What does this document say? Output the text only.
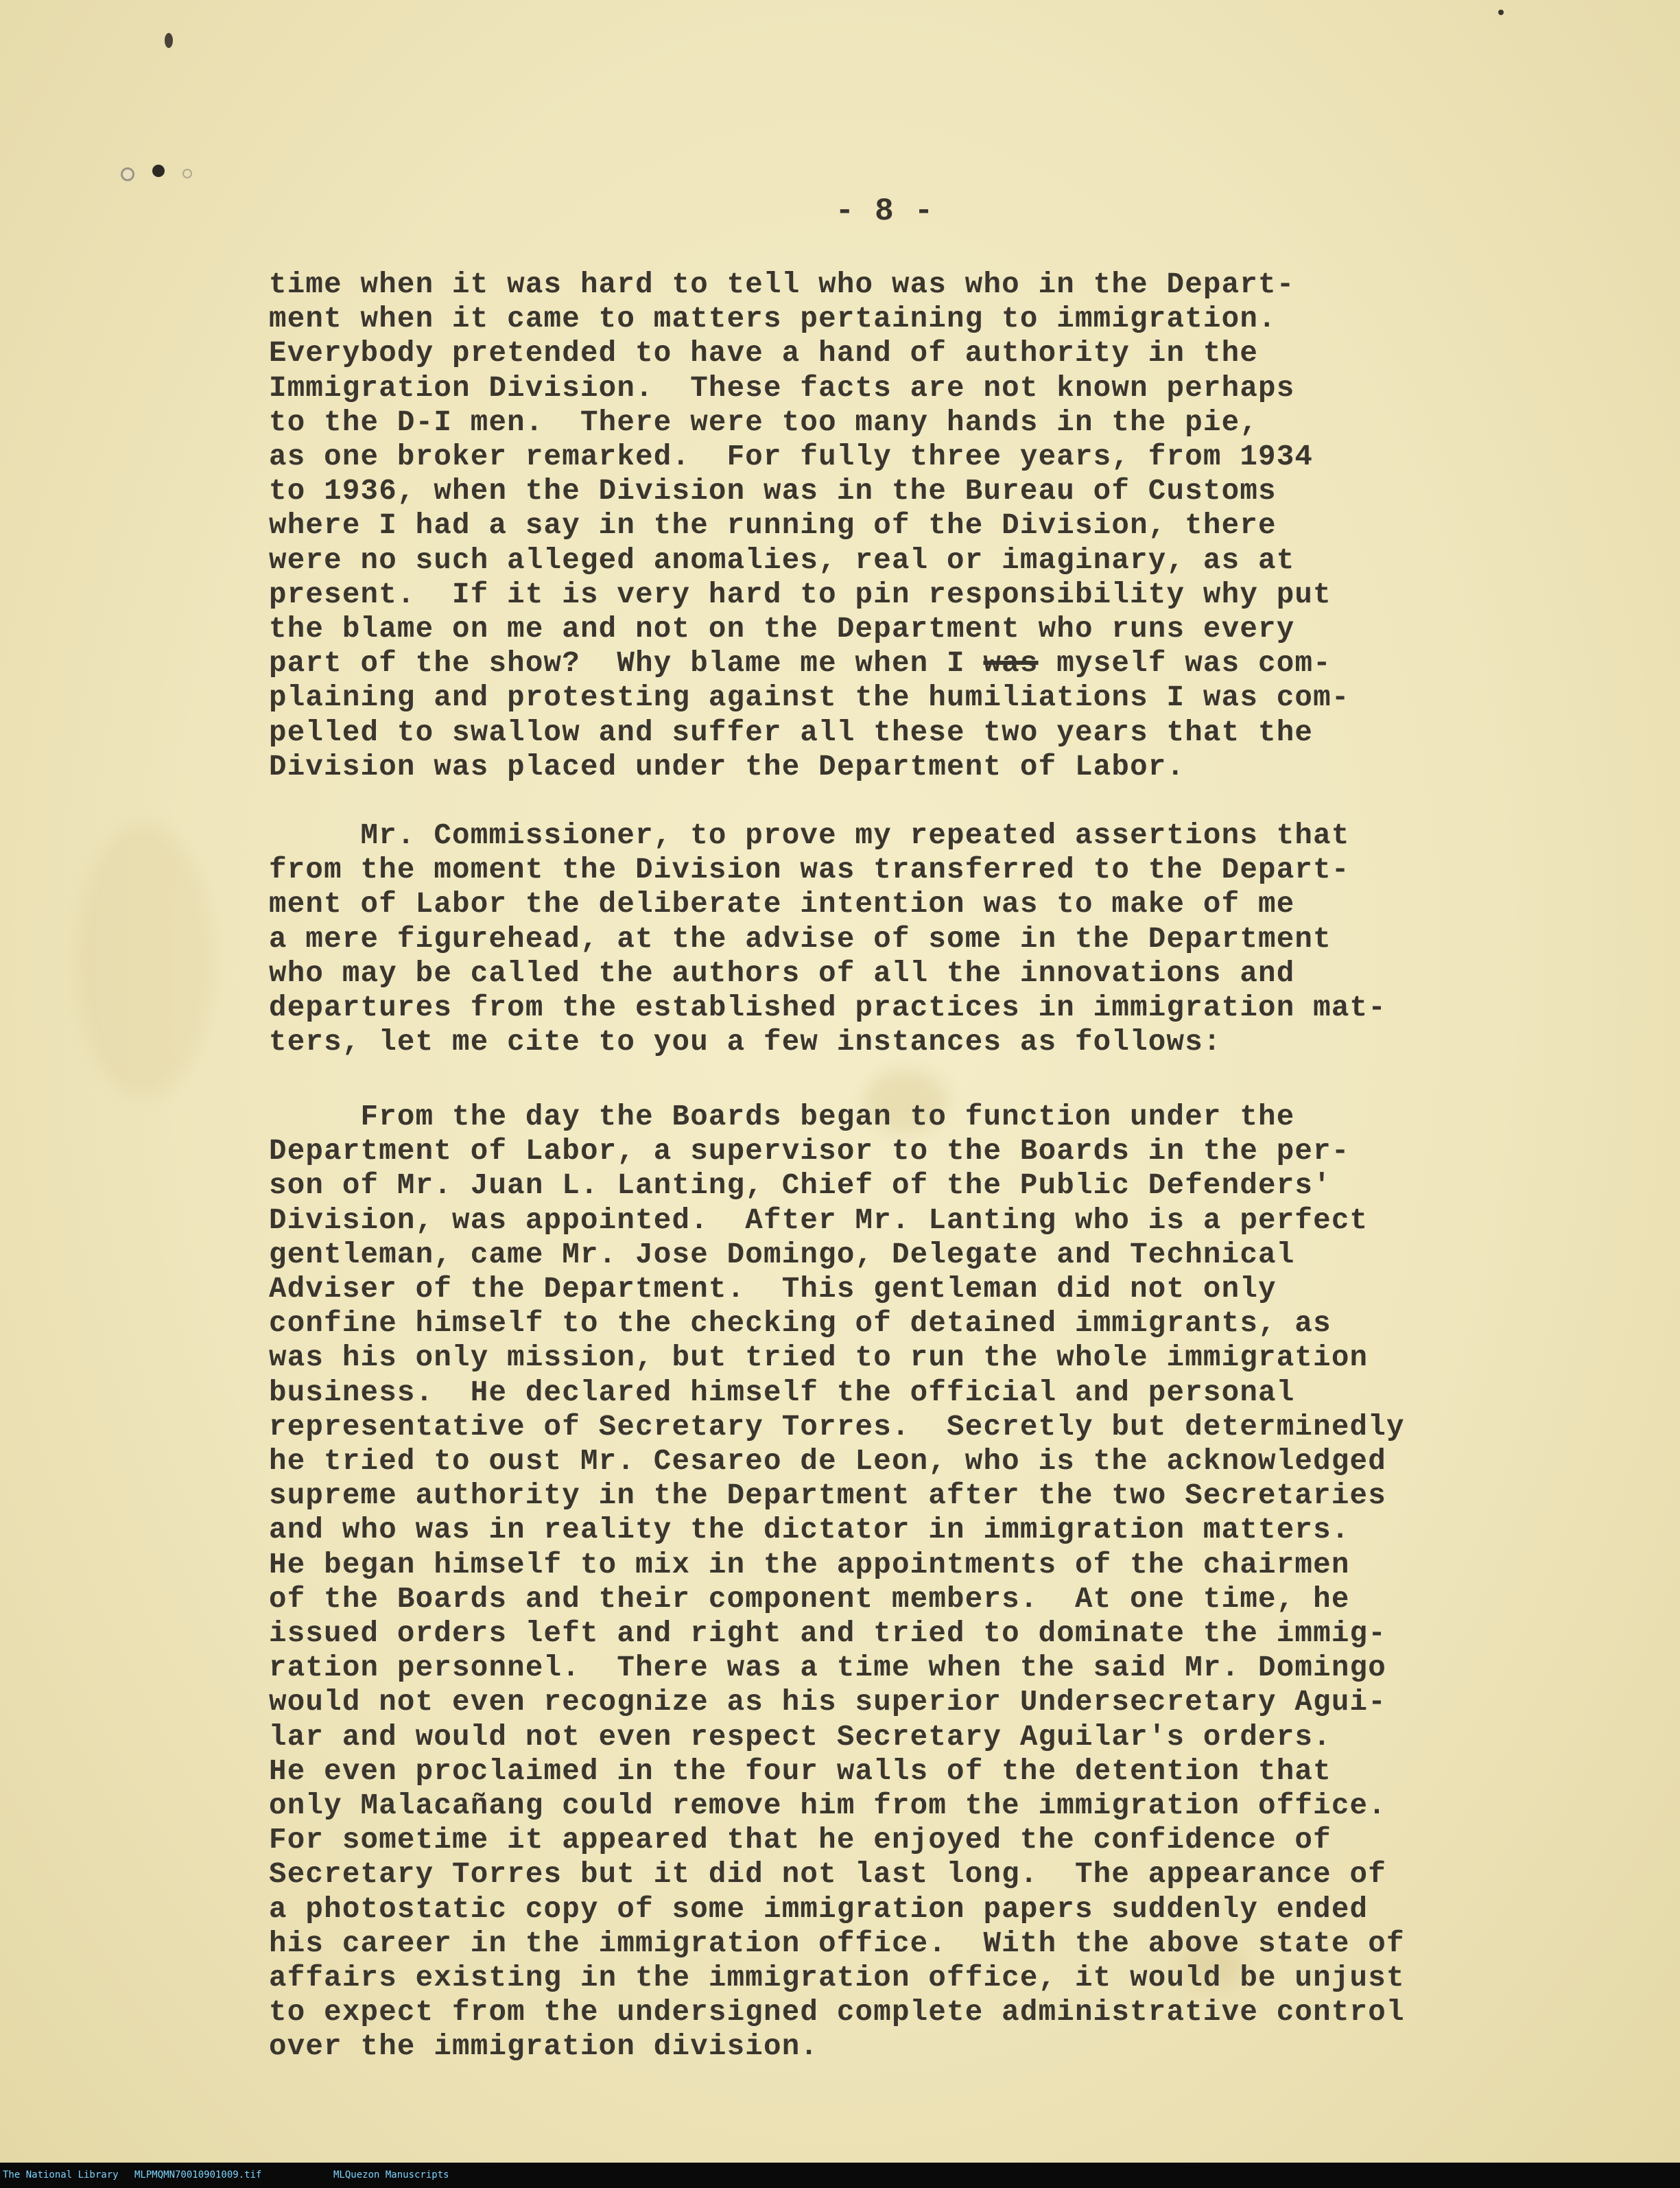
- 8 -

time when it was hard to tell who was who in the Depart-
ment when it came to matters pertaining to immigration.
Everybody pretended to have a hand of authority in the
Immigration Division.  These facts are not known perhaps
to the D-I men.  There were too many hands in the pie,
as one broker remarked.  For fully three years, from 1934
to 1936, when the Division was in the Bureau of Customs
where I had a say in the running of the Division, there
were no such alleged anomalies, real or imaginary, as at
present.  If it is very hard to pin responsibility why put
the blame on me and not on the Department who runs every
part of the show?  Why blame me when I was myself was com-
plaining and protesting against the humiliations I was com-
pelled to swallow and suffer all these two years that the
Division was placed under the Department of Labor.

Mr. Commissioner, to prove my repeated assertions that
from the moment the Division was transferred to the Depart-
ment of Labor the deliberate intention was to make of me
a mere figurehead, at the advise of some in the Department
who may be called the authors of all the innovations and
departures from the established practices in immigration mat-
ters, let me cite to you a few instances as follows:

From the day the Boards began to function under the
Department of Labor, a supervisor to the Boards in the per-
son of Mr. Juan L. Lanting, Chief of the Public Defenders'
Division, was appointed.  After Mr. Lanting who is a perfect
gentleman, came Mr. Jose Domingo, Delegate and Technical
Adviser of the Department.  This gentleman did not only
confine himself to the checking of detained immigrants, as
was his only mission, but tried to run the whole immigration
business.  He declared himself the official and personal
representative of Secretary Torres.  Secretly but determinedly
he tried to oust Mr. Cesareo de Leon, who is the acknowledged
supreme authority in the Department after the two Secretaries
and who was in reality the dictator in immigration matters.
He began himself to mix in the appointments of the chairmen
of the Boards and their component members.  At one time, he
issued orders left and right and tried to dominate the immig-
ration personnel.  There was a time when the said Mr. Domingo
would not even recognize as his superior Undersecretary Agui-
lar and would not even respect Secretary Aguilar's orders.
He even proclaimed in the four walls of the detention that
only Malacañang could remove him from the immigration office.
For sometime it appeared that he enjoyed the confidence of
Secretary Torres but it did not last long.  The appearance of
a photostatic copy of some immigration papers suddenly ended
his career in the immigration office.  With the above state of
affairs existing in the immigration office, it would be unjust
to expect from the undersigned complete administrative control
over the immigration division.

The National Library MLPMQMN70010901009.tif	MLQuezon Manuscripts
